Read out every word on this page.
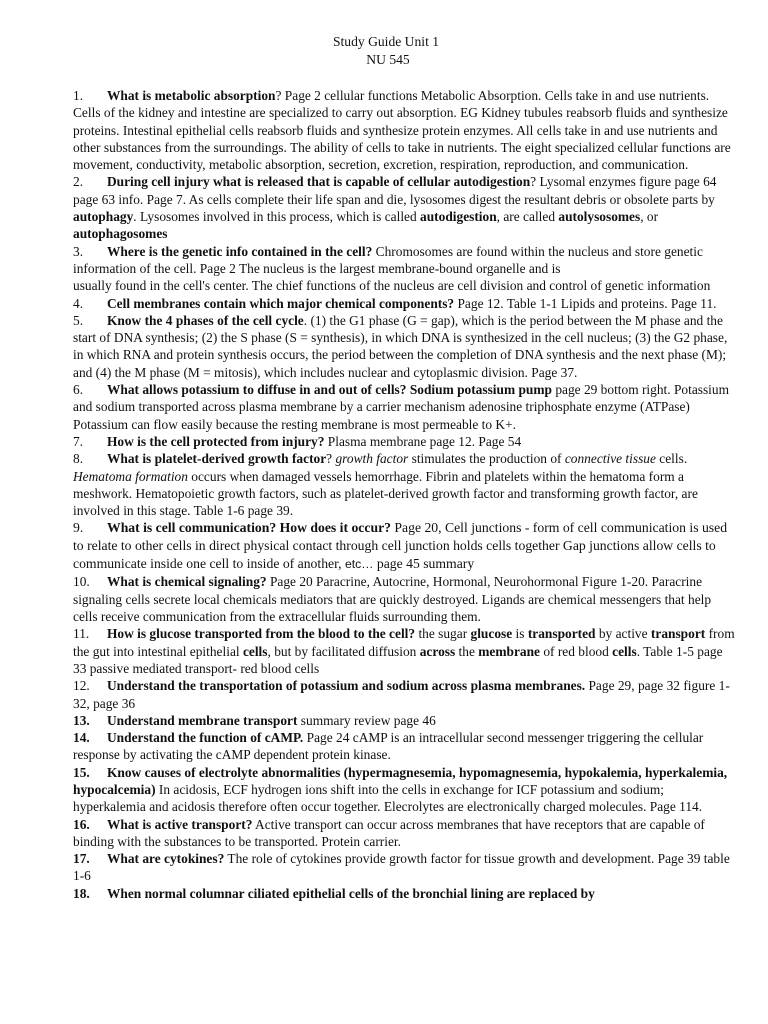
Study Guide Unit 1
NU 545

1. What is metabolic absorption? Page 2 cellular functions Metabolic Absorption. Cells take in and use nutrients. Cells of the kidney and intestine are specialized to carry out absorption. EG Kidney tubules reabsorb fluids and synthesize proteins. Intestinal epithelial cells reabsorb fluids and synthesize protein enzymes. All cells take in and use nutrients and other substances from the surroundings. The ability of cells to take in nutrients. The eight specialized cellular functions are movement, conductivity, metabolic absorption, secretion, excretion, respiration, reproduction, and communication.

2. During cell injury what is released that is capable of cellular autodigestion? Lysomal enzymes figure page 64 page 63 info. Page 7. As cells complete their life span and die, lysosomes digest the resultant debris or obsolete parts by autophagy. Lysosomes involved in this process, which is called autodigestion, are called autolysosomes, or autophagosomes

3. Where is the genetic info contained in the cell? Chromosomes are found within the nucleus and store genetic information of the cell. Page 2 The nucleus is the largest membrane-bound organelle and is
usually found in the cell's center. The chief functions of the nucleus are cell division and control of genetic information

4. Cell membranes contain which major chemical components? Page 12. Table 1-1 Lipids and proteins. Page 11.

5. Know the 4 phases of the cell cycle. (1) the G1 phase (G = gap), which is the period between the M phase and the start of DNA synthesis; (2) the S phase (S = synthesis), in which DNA is synthesized in the cell nucleus; (3) the G2 phase, in which RNA and protein synthesis occurs, the period between the completion of DNA synthesis and the next phase (M); and (4) the M phase (M = mitosis), which includes nuclear and cytoplasmic division. Page 37.

6. What allows potassium to diffuse in and out of cells? Sodium potassium pump page 29 bottom right. Potassium and sodium transported across plasma membrane by a carrier mechanism adenosine triphosphate enzyme (ATPase) Potassium can flow easily because the resting membrane is most permeable to K+.

7. How is the cell protected from injury? Plasma membrane page 12. Page 54

8. What is platelet-derived growth factor? growth factor stimulates the production of connective tissue cells. Hematoma formation occurs when damaged vessels hemorrhage. Fibrin and platelets within the hematoma form a meshwork. Hematopoietic growth factors, such as platelet-derived growth factor and transforming growth factor, are involved in this stage. Table 1-6 page 39.

9. What is cell communication? How does it occur? Page 20, Cell junctions - form of cell communication is used to relate to other cells in direct physical contact through cell junction holds cells together Gap junctions allow cells to communicate inside one cell to inside of another, etc… page 45 summary

10. What is chemical signaling? Page 20 Paracrine, Autocrine, Hormonal, Neurohormonal Figure 1-20. Paracrine signaling cells secrete local chemicals mediators that are quickly destroyed. Ligands are chemical messengers that help cells receive communication from the extracellular fluids surrounding them.

11. How is glucose transported from the blood to the cell? the sugar glucose is transported by active transport from the gut into intestinal epithelial cells, but by facilitated diffusion across the membrane of red blood cells. Table 1-5 page 33 passive mediated transport- red blood cells

12. Understand the transportation of potassium and sodium across plasma membranes. Page 29, page 32 figure 1-32, page 36

13. Understand membrane transport summary review page 46

14. Understand the function of cAMP. Page 24 cAMP is an intracellular second messenger triggering the cellular response by activating the cAMP dependent protein kinase.

15. Know causes of electrolyte abnormalities (hypermagnesemia, hypomagnesemia, hypokalemia, hyperkalemia, hypocalcemia) In acidosis, ECF hydrogen ions shift into the cells in exchange for ICF potassium and sodium; hyperkalemia and acidosis therefore often occur together. Elecrolytes are electronically charged molecules. Page 114.

16. What is active transport? Active transport can occur across membranes that have receptors that are capable of binding with the substances to be transported. Protein carrier.

17. What are cytokines? The role of cytokines provide growth factor for tissue growth and development. Page 39 table 1-6

18. When normal columnar ciliated epithelial cells of the bronchial lining are replaced by
